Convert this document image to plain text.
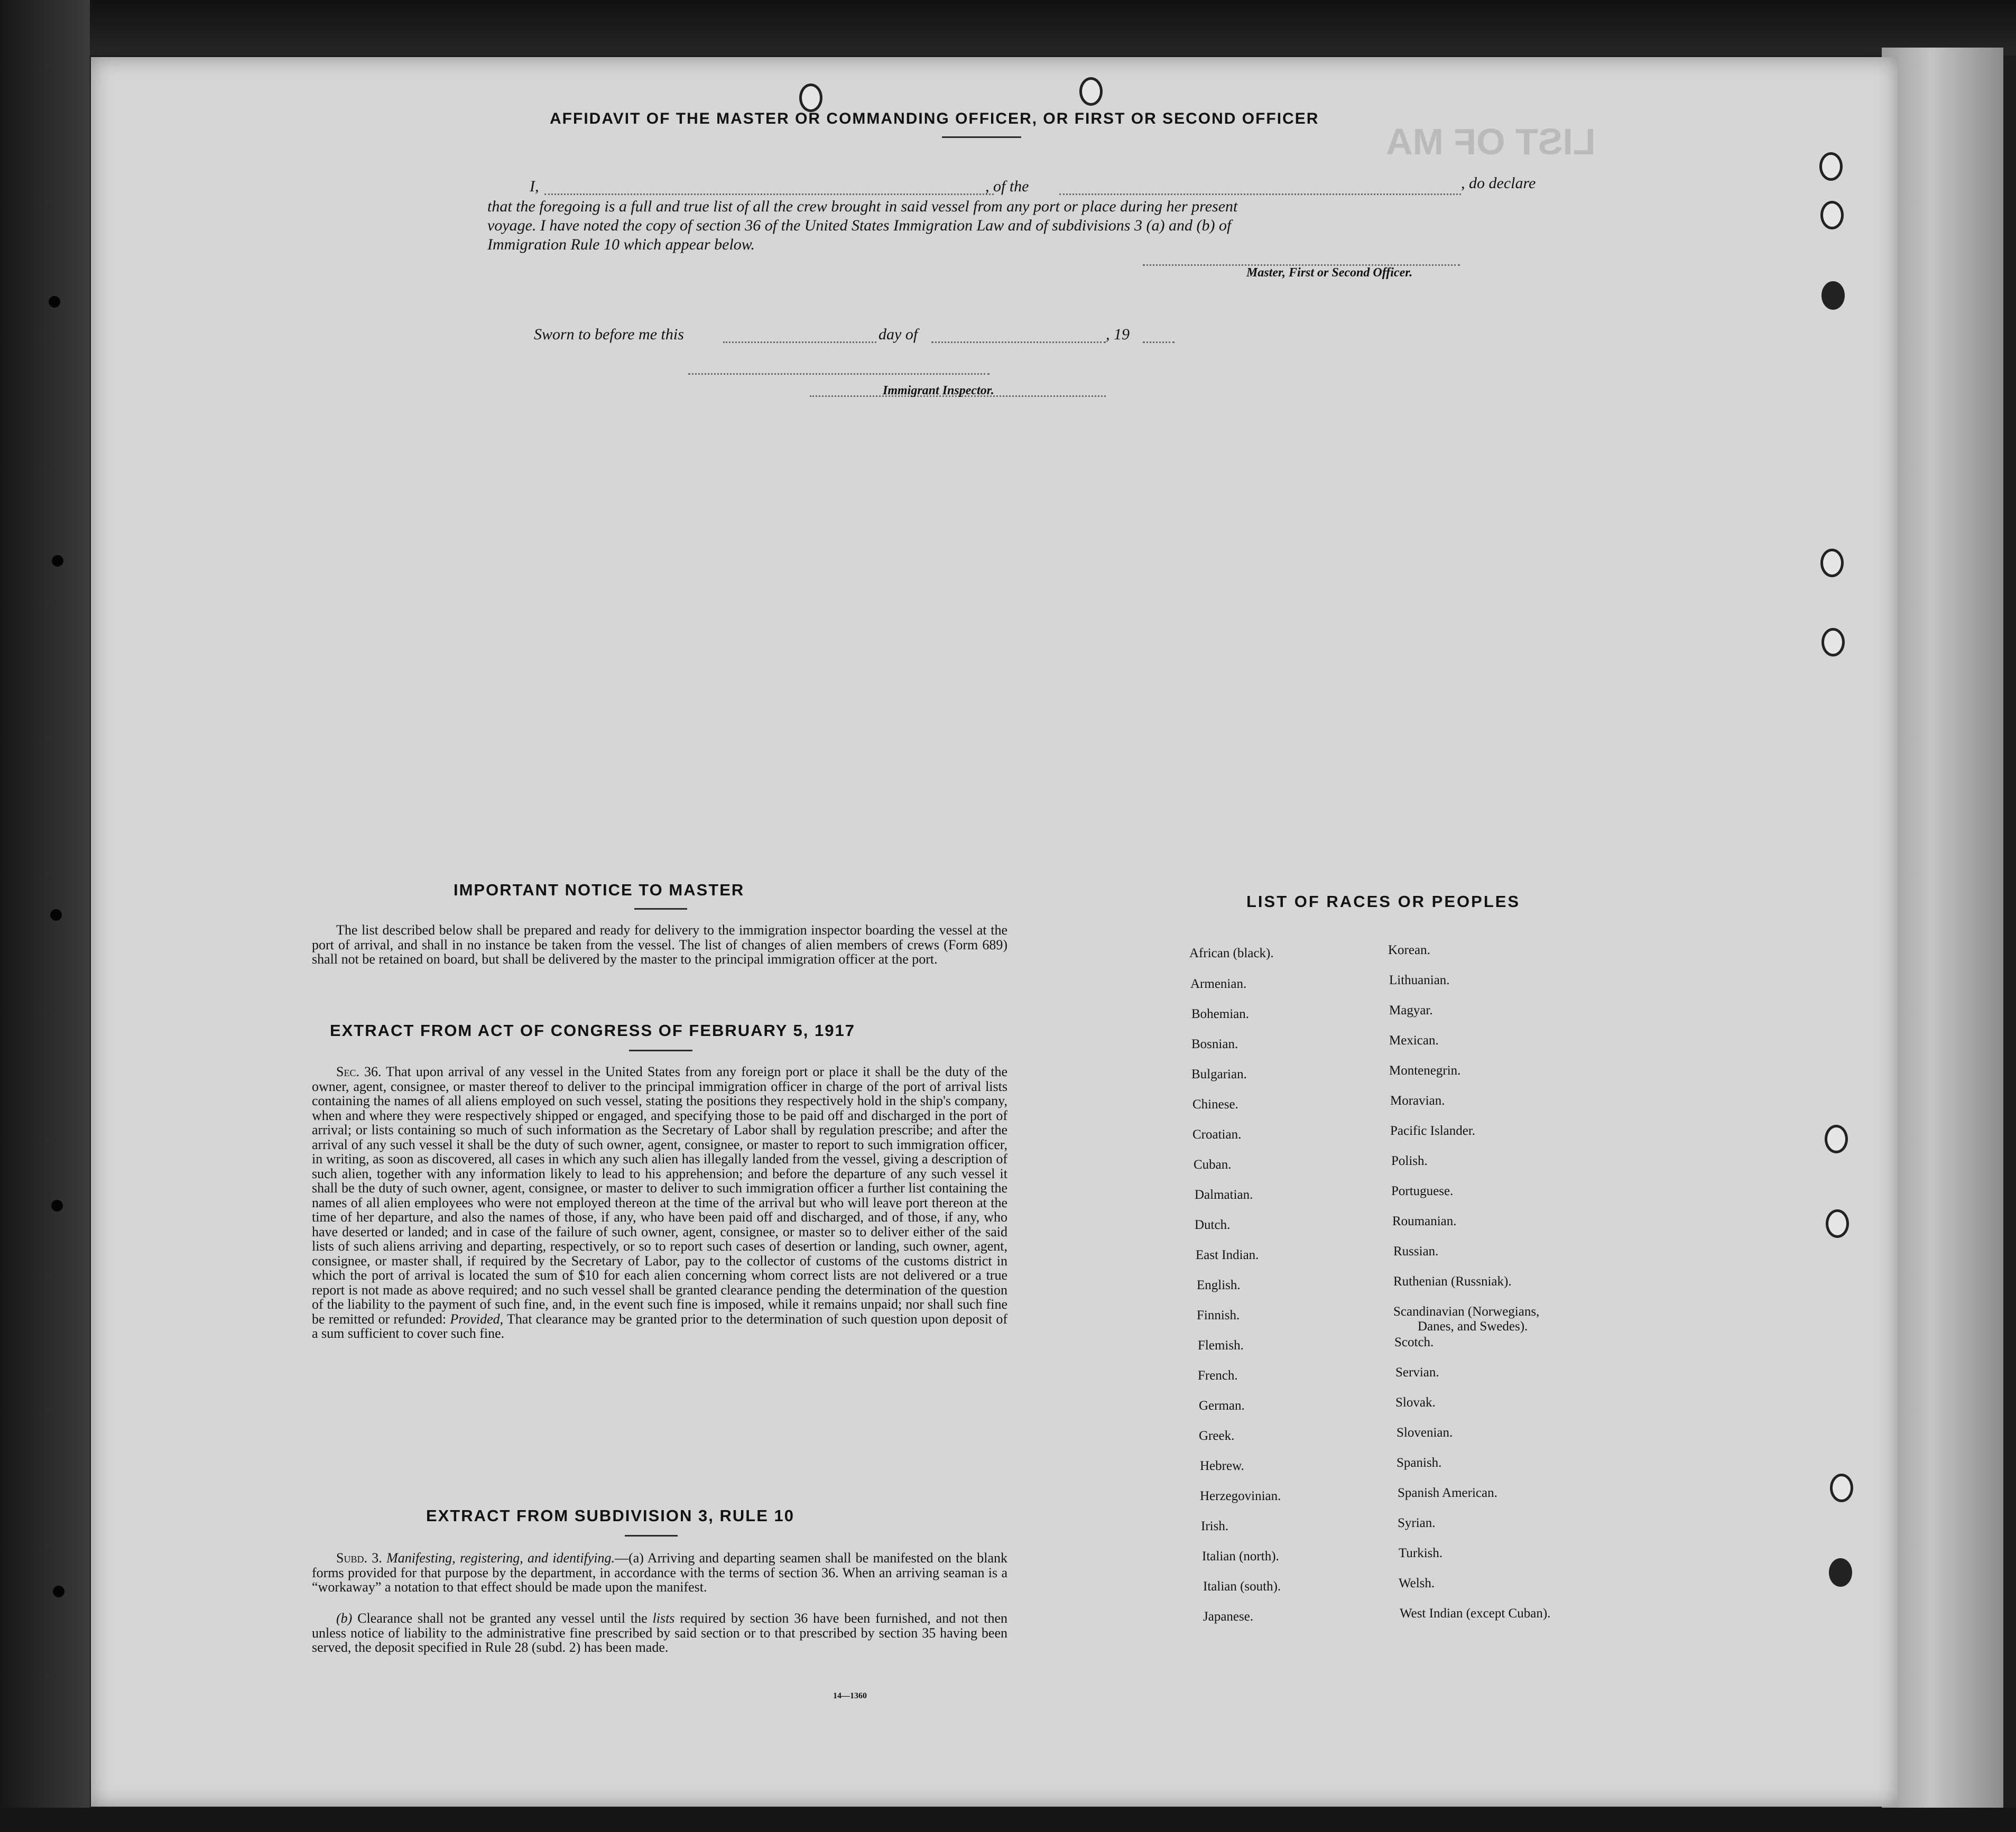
LIST OF MA
AFFIDAVIT OF THE MASTER OR COMMANDING OFFICER, OR FIRST OR SECOND OFFICER
I,	, of the	, do declare
that the foregoing is a full and true list of all the crew brought in said vessel from any port or place during her present
voyage. I have noted the copy of section 36 of the United States Immigration Law and of subdivisions 3 (a) and (b) of
Immigration Rule 10 which appear below.
Master, First or Second Officer.
Sworn to before me this	day of	, 19
Immigrant Inspector.
IMPORTANT NOTICE TO MASTER
The list described below shall be prepared and ready for delivery to the immigration inspector boarding the vessel at the port of arrival, and shall in no instance be taken from the vessel. The list of changes of alien members of crews (Form 689) shall not be retained on board, but shall be delivered by the master to the principal immigration officer at the port.
EXTRACT FROM ACT OF CONGRESS OF FEBRUARY 5, 1917
Sec. 36. That upon arrival of any vessel in the United States from any foreign port or place it shall be the duty of the owner, agent, consignee, or master thereof to deliver to the principal immigration officer in charge of the port of arrival lists containing the names of all aliens employed on such vessel, stating the positions they respectively hold in the ship's company, when and where they were respectively shipped or engaged, and specifying those to be paid off and discharged in the port of arrival; or lists containing so much of such information as the Secretary of Labor shall by regulation prescribe; and after the arrival of any such vessel it shall be the duty of such owner, agent, consignee, or master to report to such immigration officer, in writing, as soon as discovered, all cases in which any such alien has illegally landed from the vessel, giving a description of such alien, together with any information likely to lead to his apprehension; and before the departure of any such vessel it shall be the duty of such owner, agent, consignee, or master to deliver to such immigration officer a further list containing the names of all alien employees who were not employed thereon at the time of the arrival but who will leave port thereon at the time of her departure, and also the names of those, if any, who have been paid off and discharged, and of those, if any, who have deserted or landed; and in case of the failure of such owner, agent, consignee, or master so to deliver either of the said lists of such aliens arriving and departing, respectively, or so to report such cases of desertion or landing, such owner, agent, consignee, or master shall, if required by the Secretary of Labor, pay to the collector of customs of the customs district in which the port of arrival is located the sum of $10 for each alien concerning whom correct lists are not delivered or a true report is not made as above required; and no such vessel shall be granted clearance pending the determination of the question of the liability to the payment of such fine, and, in the event such fine is imposed, while it remains unpaid; nor shall such fine be remitted or refunded: Provided, That clearance may be granted prior to the determination of such question upon deposit of a sum sufficient to cover such fine.
EXTRACT FROM SUBDIVISION 3, RULE 10
Subd. 3. Manifesting, registering, and identifying.—(a) Arriving and departing seamen shall be manifested on the blank forms provided for that purpose by the department, in accordance with the terms of section 36. When an arriving seaman is a “workaway” a notation to that effect should be made upon the manifest.
(b) Clearance shall not be granted any vessel until the lists required by section 36 have been furnished, and not then unless notice of liability to the administrative fine prescribed by said section or to that prescribed by section 35 having been served, the deposit specified in Rule 28 (subd. 2) has been made.
14—1360
LIST OF RACES OR PEOPLES
African (black).
Armenian.
Bohemian.
Bosnian.
Bulgarian.
Chinese.
Croatian.
Cuban.
Dalmatian.
Dutch.
East Indian.
English.
Finnish.
Flemish.
French.
German.
Greek.
Hebrew.
Herzegovinian.
Irish.
Italian (north).
Italian (south).
Japanese.
Korean.
Lithuanian.
Magyar.
Mexican.
Montenegrin.
Moravian.
Pacific Islander.
Polish.
Portuguese.
Roumanian.
Russian.
Ruthenian (Russniak).
Scandinavian (Norwegians,
Danes, and Swedes).
Scotch.
Servian.
Slovak.
Slovenian.
Spanish.
Spanish American.
Syrian.
Turkish.
Welsh.
West Indian (except Cuban).
